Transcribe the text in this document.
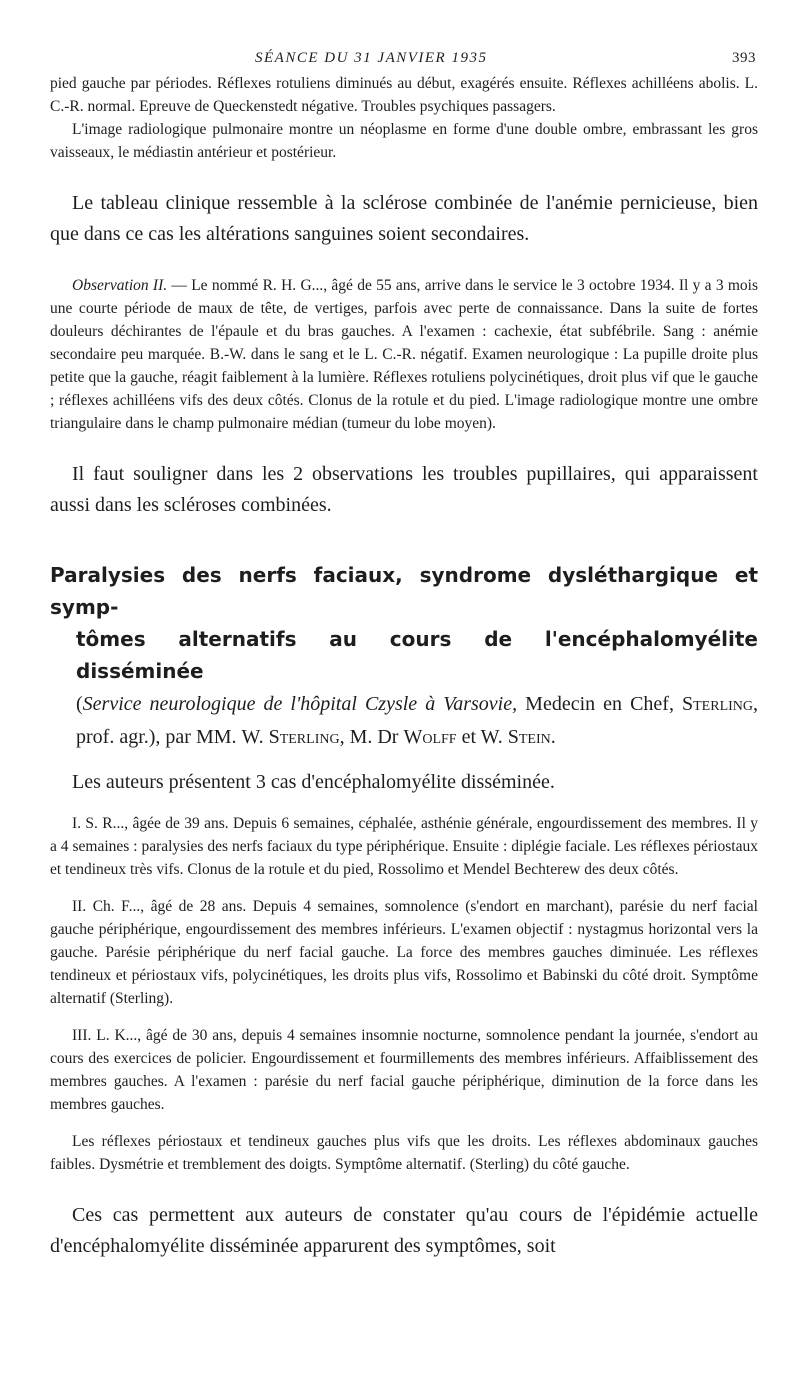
SÉANCE DU 31 JANVIER 1935	393

pied gauche par périodes. Réflexes rotuliens diminués au début, exagérés ensuite. Réflexes achilléens abolis. L. C.-R. normal. Epreuve de Queckenstedt négative. Troubles psychiques passagers.

L'image radiologique pulmonaire montre un néoplasme en forme d'une double ombre, embrassant les gros vaisseaux, le médiastin antérieur et postérieur.

Le tableau clinique ressemble à la sclérose combinée de l'anémie pernicieuse, bien que dans ce cas les altérations sanguines soient secondaires.

Observation II. — Le nommé R. H. G..., âgé de 55 ans, arrive dans le service le 3 octobre 1934. Il y a 3 mois une courte période de maux de tête, de vertiges, parfois avec perte de connaissance. Dans la suite de fortes douleurs déchirantes de l'épaule et du bras gauches. A l'examen : cachexie, état subfébrile. Sang : anémie secondaire peu marquée. B.-W. dans le sang et le L. C.-R. négatif. Examen neurologique : La pupille droite plus petite que la gauche, réagit faiblement à la lumière. Réflexes rotuliens polycinétiques, droit plus vif que le gauche ; réflexes achilléens vifs des deux côtés. Clonus de la rotule et du pied. L'image radiologique montre une ombre triangulaire dans le champ pulmonaire médian (tumeur du lobe moyen).

Il faut souligner dans les 2 observations les troubles pupillaires, qui apparaissent aussi dans les scléroses combinées.

Paralysies des nerfs faciaux, syndrome dysléthargique et symp-
tômes alternatifs au cours de l'encéphalomyélite disséminée

(Service neurologique de l'hôpital Czysle à Varsovie, Medecin en Chef, Sterling, prof. agr.), par MM. W. Sterling, M. Dr Wolff et W. Stein.

Les auteurs présentent 3 cas d'encéphalomyélite disséminée.

I. S. R..., âgée de 39 ans. Depuis 6 semaines, céphalée, asthénie générale, engourdissement des membres. Il y a 4 semaines : paralysies des nerfs faciaux du type périphérique. Ensuite : diplégie faciale. Les réflexes périostaux et tendineux très vifs. Clonus de la rotule et du pied, Rossolimo et Mendel Bechterew des deux côtés.

II. Ch. F..., âgé de 28 ans. Depuis 4 semaines, somnolence (s'endort en marchant), parésie du nerf facial gauche périphérique, engourdissement des membres inférieurs. L'examen objectif : nystagmus horizontal vers la gauche. Parésie périphérique du nerf facial gauche. La force des membres gauches diminuée. Les réflexes tendineux et périostaux vifs, polycinétiques, les droits plus vifs, Rossolimo et Babinski du côté droit. Symptôme alternatif (Sterling).

III. L. K..., âgé de 30 ans, depuis 4 semaines insomnie nocturne, somnolence pendant la journée, s'endort au cours des exercices de policier. Engourdissement et fourmillements des membres inférieurs. Affaiblissement des membres gauches. A l'examen : parésie du nerf facial gauche périphérique, diminution de la force dans les membres gauches.

Les réflexes périostaux et tendineux gauches plus vifs que les droits. Les réflexes abdominaux gauches faibles. Dysmétrie et tremblement des doigts. Symptôme alternatif. (Sterling) du côté gauche.

Ces cas permettent aux auteurs de constater qu'au cours de l'épidémie actuelle d'encéphalomyélite disséminée apparurent des symptômes, soit
